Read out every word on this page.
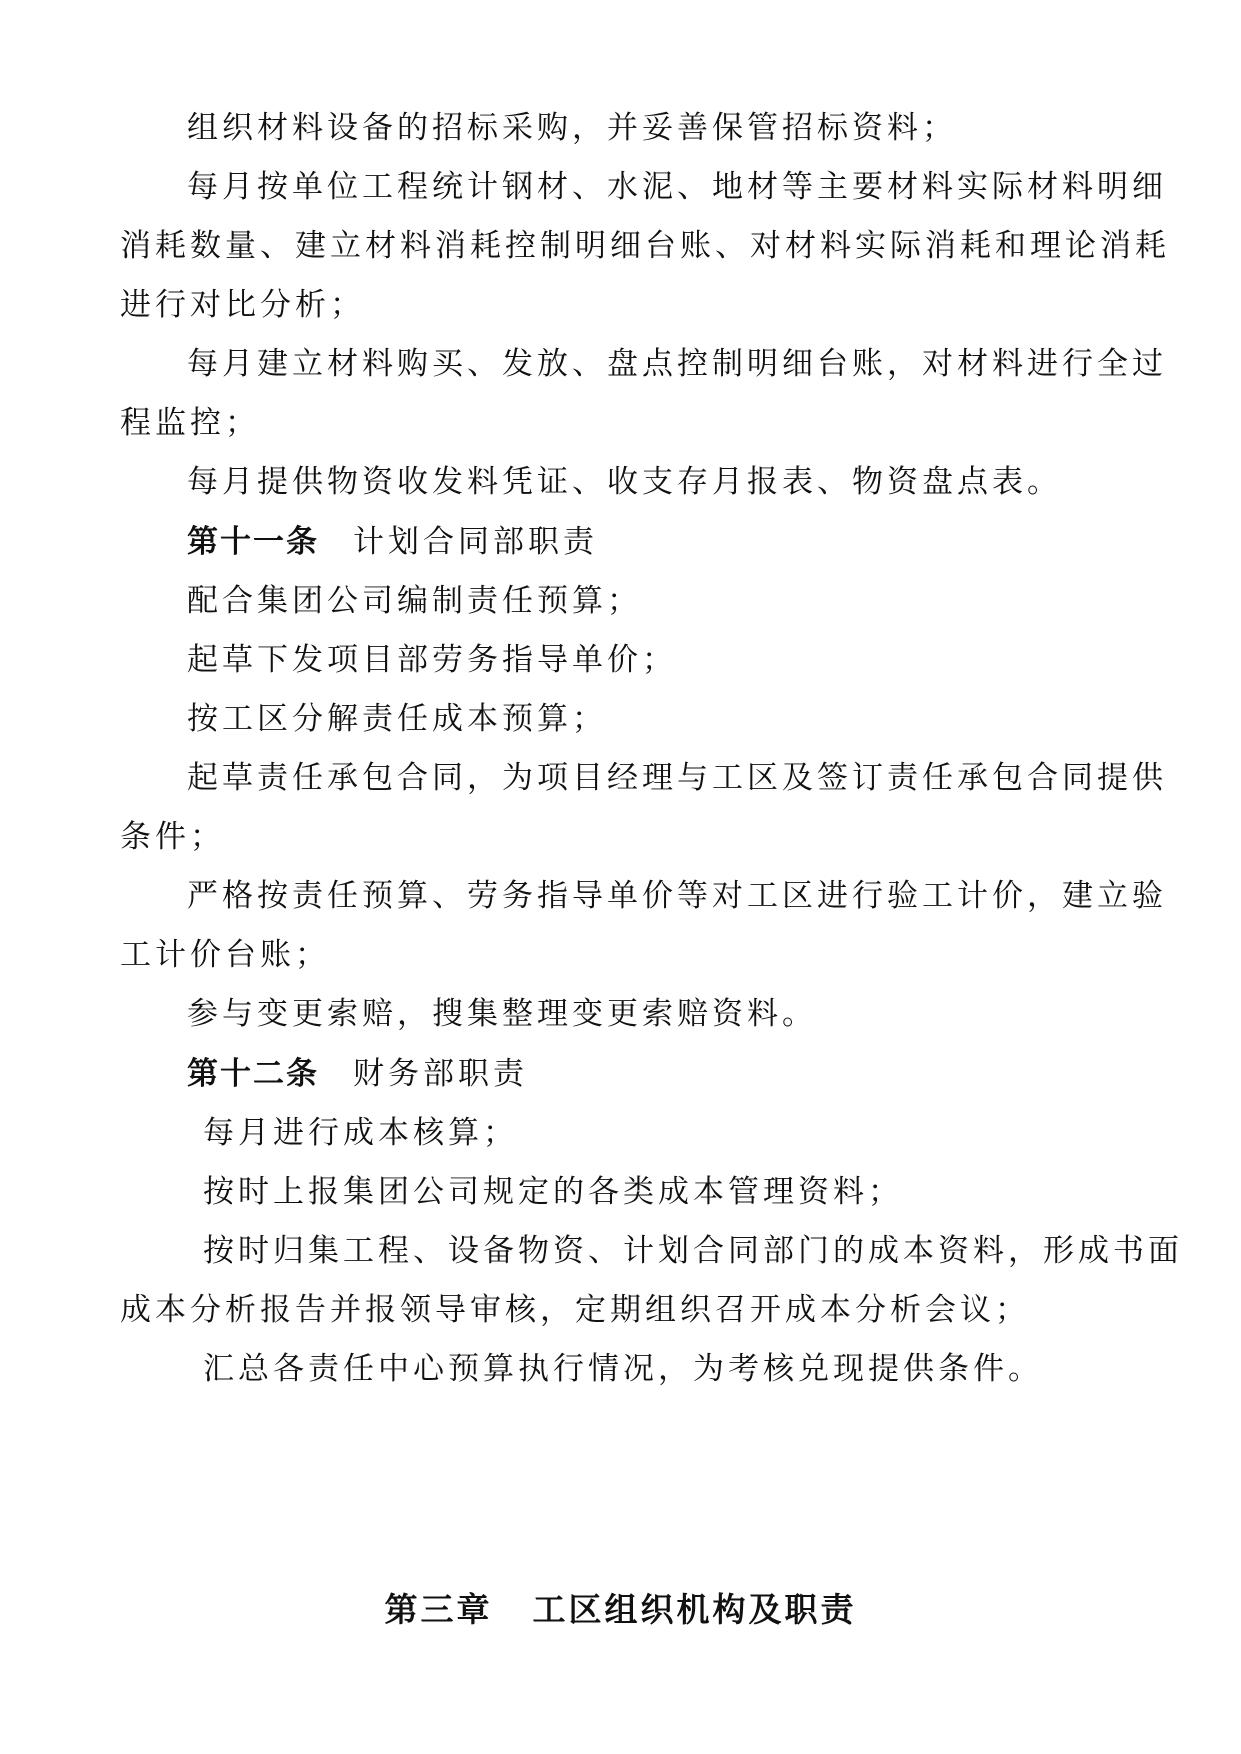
组织材料设备的招标采购，并妥善保管招标资料；
每月按单位工程统计钢材、水泥、地材等主要材料实际材料明细
消耗数量、建立材料消耗控制明细台账、对材料实际消耗和理论消耗
进行对比分析；
每月建立材料购买、发放、盘点控制明细台账，对材料进行全过
程监控；
每月提供物资收发料凭证、收支存月报表、物资盘点表。
第十一条 计划合同部职责
配合集团公司编制责任预算；
起草下发项目部劳务指导单价；
按工区分解责任成本预算；
起草责任承包合同，为项目经理与工区及签订责任承包合同提供
条件；
严格按责任预算、劳务指导单价等对工区进行验工计价，建立验
工计价台账；
参与变更索赔，搜集整理变更索赔资料。
第十二条 财务部职责
每月进行成本核算；
按时上报集团公司规定的各类成本管理资料；
按时归集工程、设备物资、计划合同部门的成本资料，形成书面
成本分析报告并报领导审核，定期组织召开成本分析会议；
汇总各责任中心预算执行情况，为考核兑现提供条件。
第三章 工区组织机构及职责
